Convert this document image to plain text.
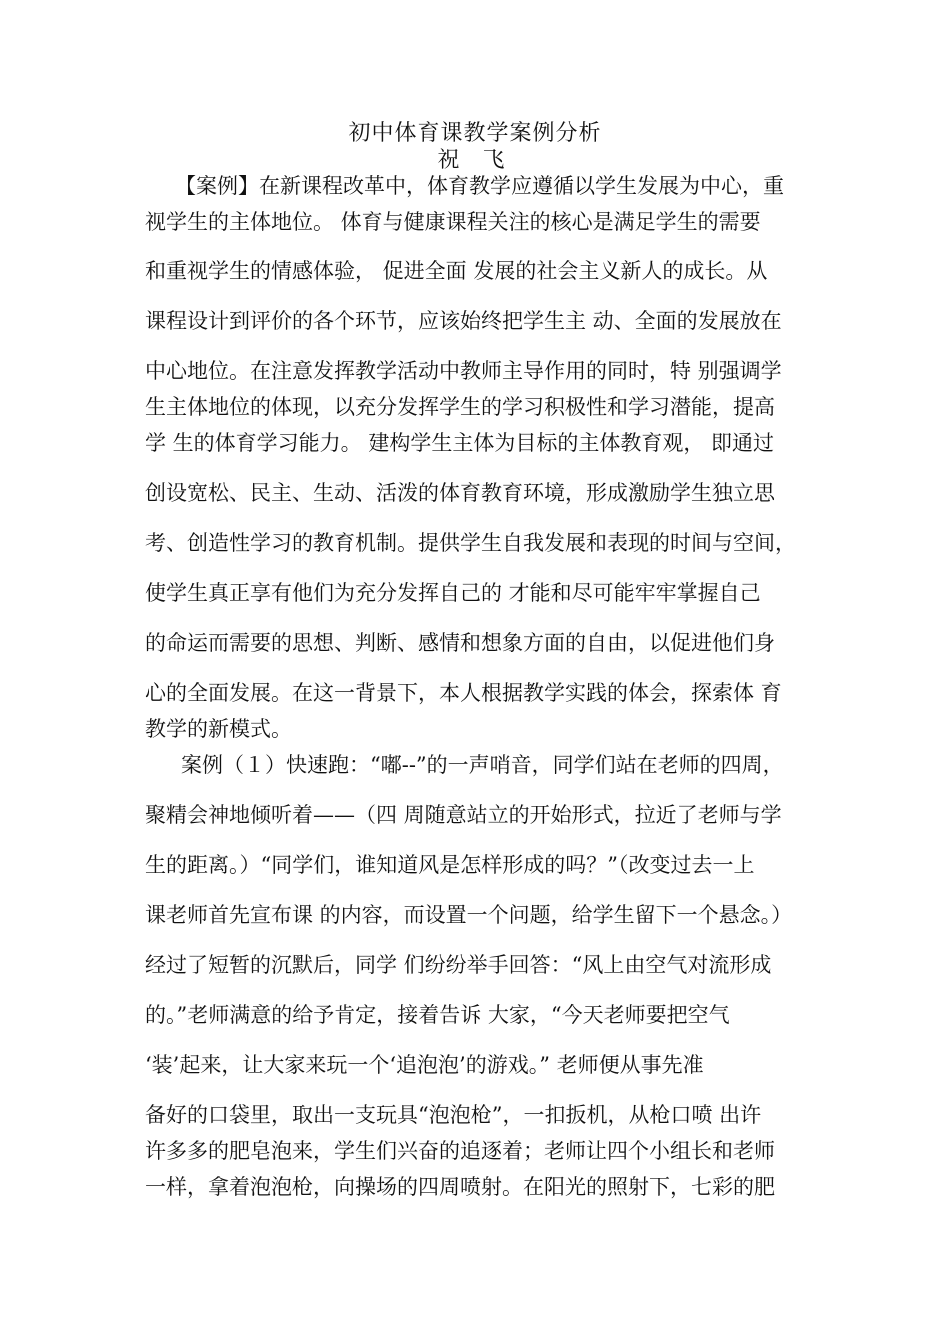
初中体育课教学案例分析
祝 飞
【案例】在新课程改革中，体育教学应遵循以学生发展为中心，重
视学生的主体地位。 体育与健康课程关注的核心是满足学生的需要
和重视学生的情感体验， 促进全面 发展的社会主义新人的成长。从
课程设计到评价的各个环节，应该始终把学生主 动、全面的发展放在
中心地位。在注意发挥教学活动中教师主导作用的同时，特 别强调学
生主体地位的体现，以充分发挥学生的学习积极性和学习潜能，提高
学 生的体育学习能力。 建构学生主体为目标的主体教育观， 即通过
创设宽松、民主、生动、活泼的体育教育环境，形成激励学生独立思
考、创造性学习的教育机制。提供学生自我发展和表现的时间与空间，
使学生真正享有他们为充分发挥自己的 才能和尽可能牢牢掌握自己
的命运而需要的思想、判断、感情和想象方面的自由，以促进他们身
心的全面发展。在这一背景下，本人根据教学实践的体会，探索体 育
教学的新模式。
案例（１）快速跑：“嘟--”的一声哨音，同学们站在老师的四周，
聚精会神地倾听着——（四 周随意站立的开始形式，拉近了老师与学
生的距离。）“同学们，谁知道风是怎样形成的吗？”（改变过去一上
课老师首先宣布课 的内容，而设置一个问题，给学生留下一个悬念。）
经过了短暂的沉默后，同学 们纷纷举手回答：“风上由空气对流形成
的。”老师满意的给予肯定，接着告诉 大家，“今天老师要把空气
‘装’起来，让大家来玩一个‘追泡泡’的游戏。” 老师便从事先准
备好的口袋里，取出一支玩具“泡泡枪”，一扣扳机，从枪口喷 出许
许多多的肥皂泡来，学生们兴奋的追逐着；老师让四个小组长和老师
一样，拿着泡泡枪，向操场的四周喷射。在阳光的照射下，七彩的肥
